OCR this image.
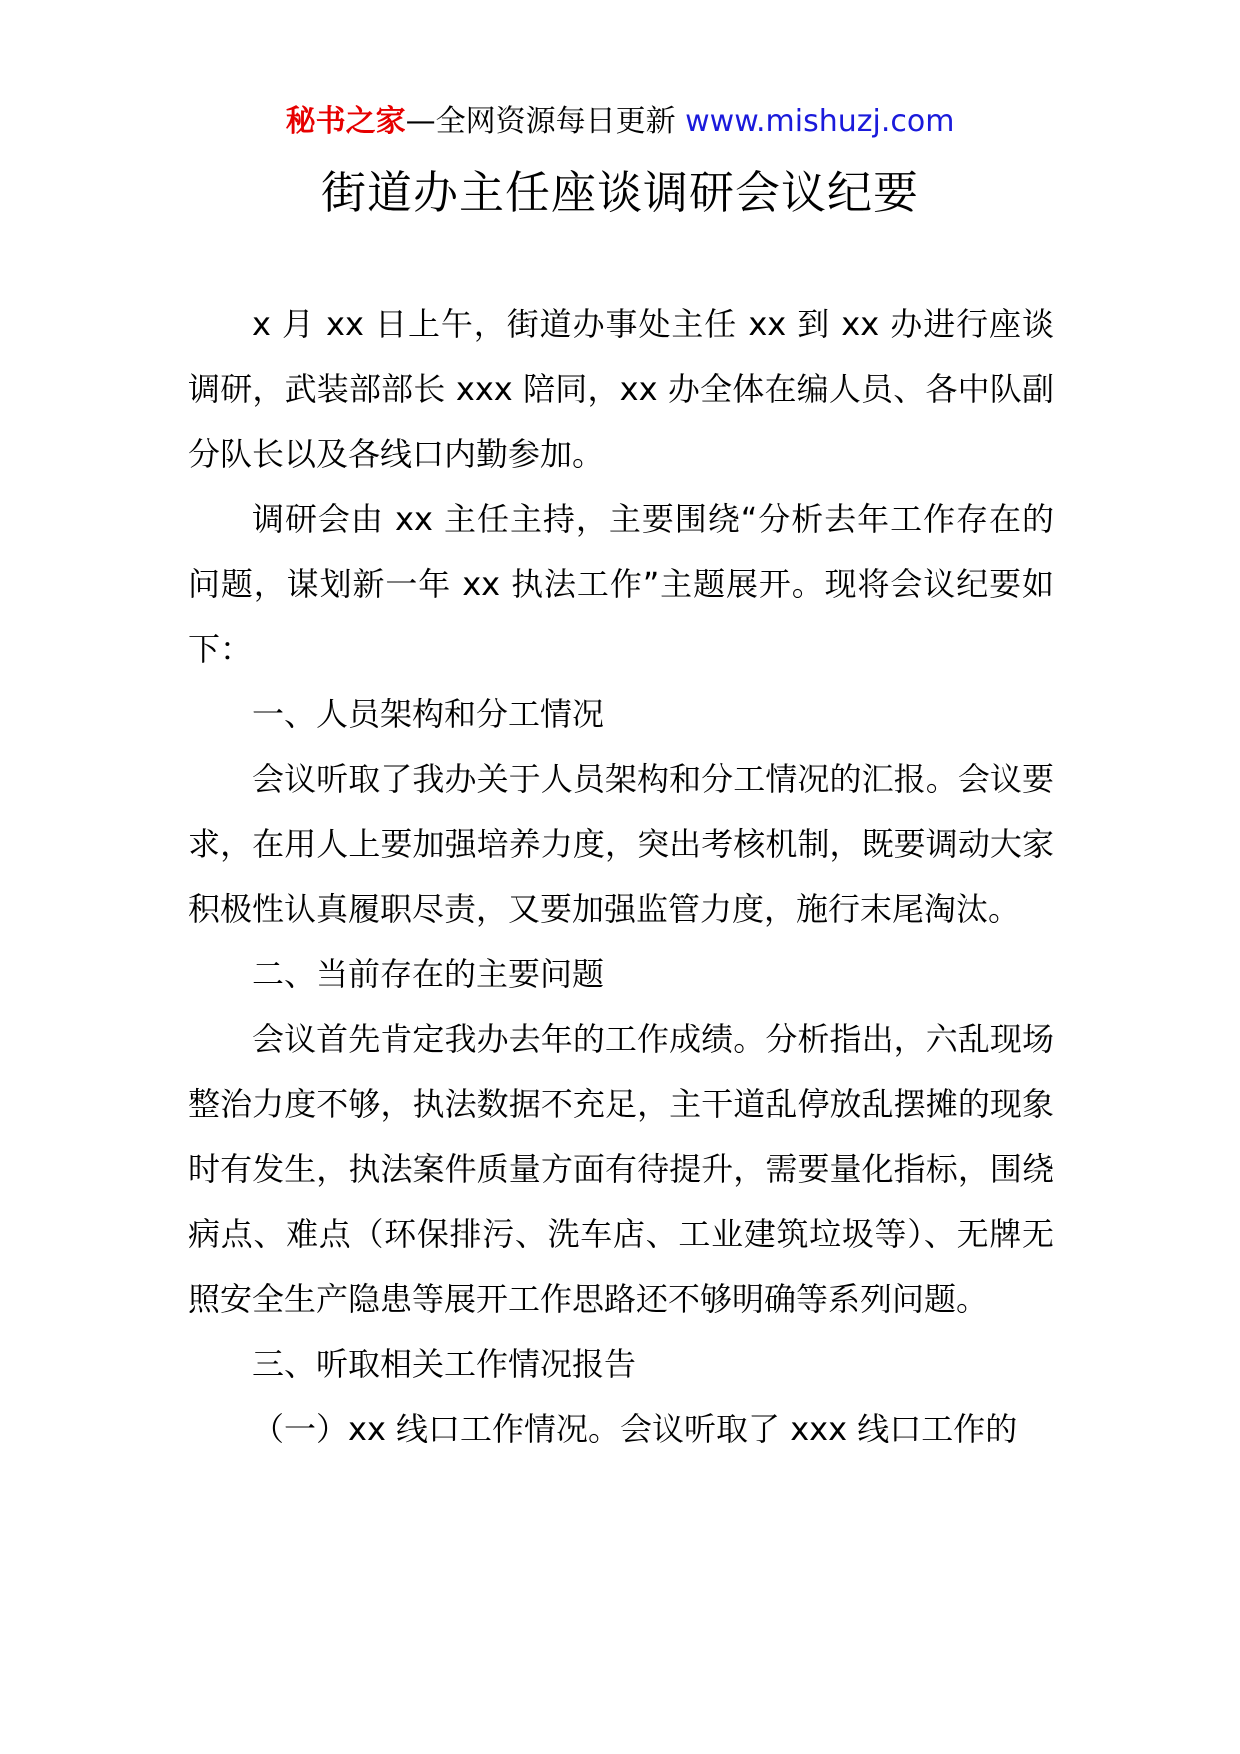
秘书之家—全网资源每日更新 www.mishuzj.com
街道办主任座谈调研会议纪要

x 月 xx 日上午，街道办事处主任 xx 到 xx 办进行座谈调研，武装部部长 xxx 陪同，xx 办全体在编人员、各中队副分队长以及各线口内勤参加。

调研会由 xx 主任主持，主要围绕“分析去年工作存在的问题，谋划新一年 xx 执法工作”主题展开。现将会议纪要如下：

一、人员架构和分工情况

会议听取了我办关于人员架构和分工情况的汇报。会议要求，在用人上要加强培养力度，突出考核机制，既要调动大家积极性认真履职尽责，又要加强监管力度，施行末尾淘汰。

二、当前存在的主要问题

会议首先肯定我办去年的工作成绩。分析指出，六乱现场整治力度不够，执法数据不充足，主干道乱停放乱摆摊的现象时有发生，执法案件质量方面有待提升，需要量化指标，围绕病点、难点（环保排污、洗车店、工业建筑垃圾等）、无牌无照安全生产隐患等展开工作思路还不够明确等系列问题。

三、听取相关工作情况报告

（一）xx 线口工作情况。会议听取了 xxx 线口工作的
